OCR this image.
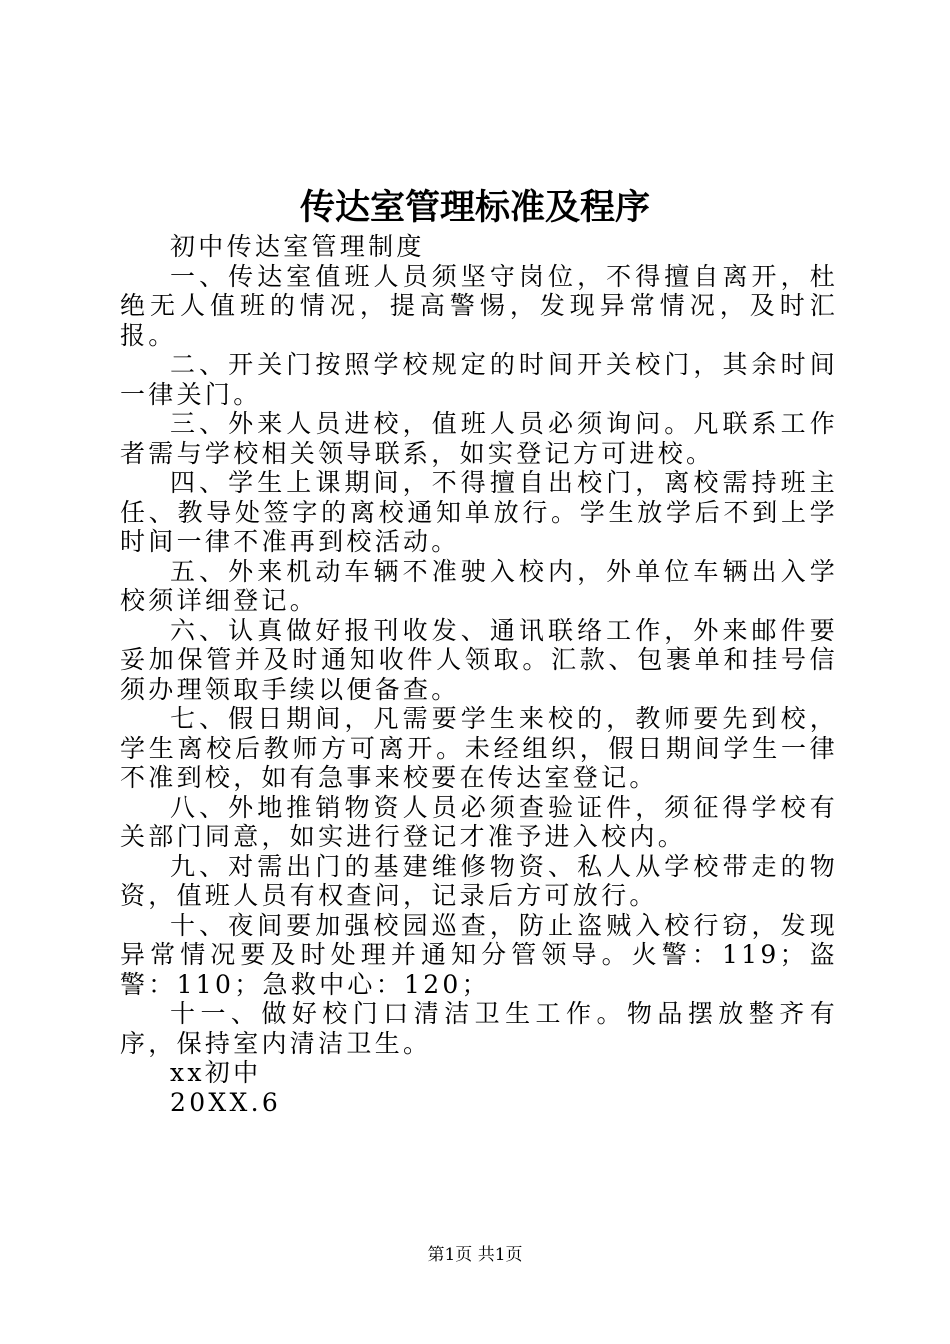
传达室管理标准及程序

初中传达室管理制度

一、传达室值班人员须坚守岗位，不得擅自离开，杜绝无人值班的情况，提高警惕，发现异常情况，及时汇报。

二、开关门按照学校规定的时间开关校门，其余时间一律关门。

三、外来人员进校，值班人员必须询问。凡联系工作者需与学校相关领导联系，如实登记方可进校。

四、学生上课期间，不得擅自出校门，离校需持班主任、教导处签字的离校通知单放行。学生放学后不到上学时间一律不准再到校活动。

五、外来机动车辆不准驶入校内，外单位车辆出入学校须详细登记。

六、认真做好报刊收发、通讯联络工作，外来邮件要妥加保管并及时通知收件人领取。汇款、包裹单和挂号信须办理领取手续以便备查。

七、假日期间，凡需要学生来校的，教师要先到校，学生离校后教师方可离开。未经组织，假日期间学生一律不准到校，如有急事来校要在传达室登记。

八、外地推销物资人员必须查验证件，须征得学校有关部门同意，如实进行登记才准予进入校内。

九、对需出门的基建维修物资、私人从学校带走的物资，值班人员有权查问，记录后方可放行。

十、夜间要加强校园巡查，防止盗贼入校行窃，发现异常情况要及时处理并通知分管领导。火警：119；盗警：110；急救中心：120；

十一、做好校门口清洁卫生工作。物品摆放整齐有序，保持室内清洁卫生。

xx初中

20XX.6

第1页 共1页
